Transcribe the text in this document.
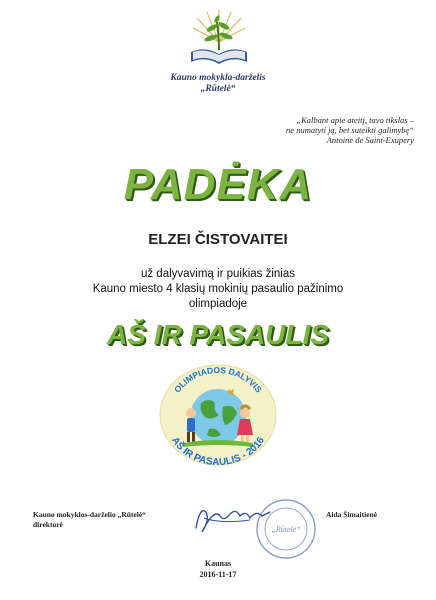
Kauno mokykla-darželis
„Rūtelė“
„Kalbant apie ateitį, tavo tikslas –
ne numatyti ją, bet suteikti galimybę“
Antoine de Saint-Exupery
PADĖKA
ELZEI ČISTOVAITEI
už dalyvavimą ir puikias žinias
Kauno miesto 4 klasių mokinių pasaulio pažinimo
olimpiadoje
AŠ IR PASAULIS
OLIMPIADOS DALYVIS
AŠ IR PASAULIS - 2016
Kauno mokyklos-darželio „Rūtelė“
direktorė
„Rūtelė“
Aida Šimaitienė
Kaunas
2016-11-17
